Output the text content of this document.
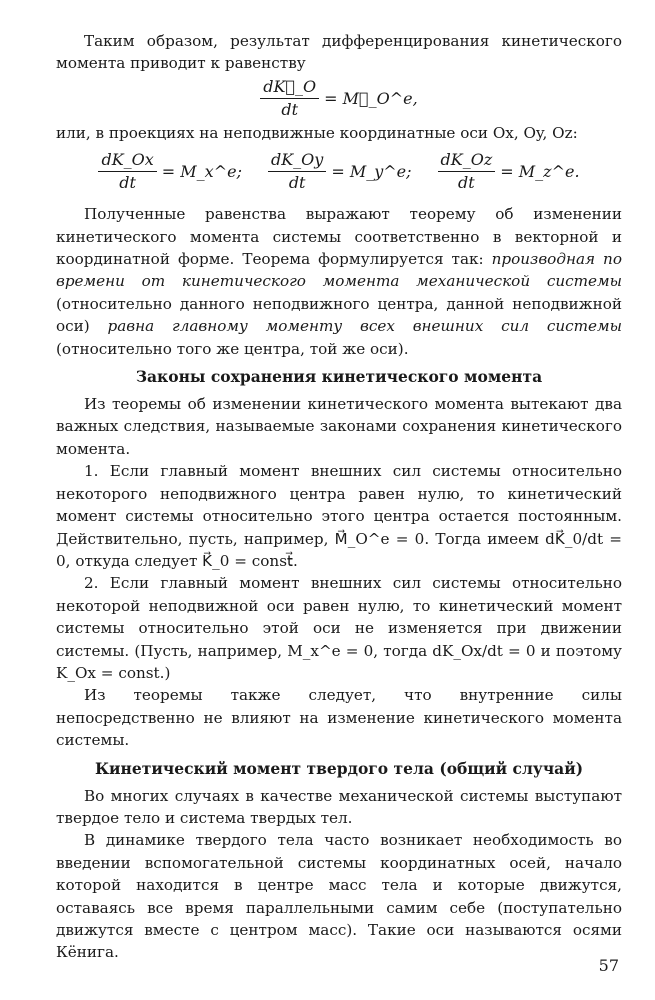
Таким образом, результат дифференцирования кинетического момента приводит к равенству

$\frac{dK⃗\_O}{dt}$ = M⃗_O^e,

или, в проекциях на неподвижные координатные оси Ox, Oy, Oz:

$\frac{dK\_Ox}{dt}$ = M_x^e; $\frac{dK\_Oy}{dt}$ = M_y^e; $\frac{dK\_Oz}{dt}$ = M_z^e.

Полученные равенства выражают теорему об изменении кинетического момента системы соответственно в векторной и координатной форме. Теорема формулируется так: производная по времени от кинетического момента механической системы (относительно данного неподвижного центра, данной неподвижной оси) равна главному моменту всех внешних сил системы (относительно того же центра, той же оси).

Законы сохранения кинетического момента

Из теоремы об изменении кинетического момента вытекают два важных следствия, называемые законами сохранения кинетического момента.

1. Если главный момент внешних сил системы относительно некоторого неподвижного центра равен нулю, то кинетический момент системы относительно этого центра остается постоянным. Действительно, пусть, например, M⃗_O^e = 0. Тогда имеем dK⃗_0/dt = 0, откуда следует K⃗_0 = const⃗.

2. Если главный момент внешних сил системы относительно некоторой неподвижной оси равен нулю, то кинетический момент системы относительно этой оси не изменяется при движении системы. (Пусть, например, M_x^e = 0, тогда dK_Ox/dt = 0 и поэтому K_Ox = const.)

Из теоремы также следует, что внутренние силы непосредственно не влияют на изменение кинетического момента системы.

Кинетический момент твердого тела (общий случай)

Во многих случаях в качестве механической системы выступают твердое тело и система твердых тел.

В динамике твердого тела часто возникает необходимость во введении вспомогательной системы координатных осей, начало которой находится в центре масс тела и которые движутся, оставаясь все время параллельными самим себе (поступательно движутся вместе с центром масс). Такие оси называются осями Кёнига.

57
